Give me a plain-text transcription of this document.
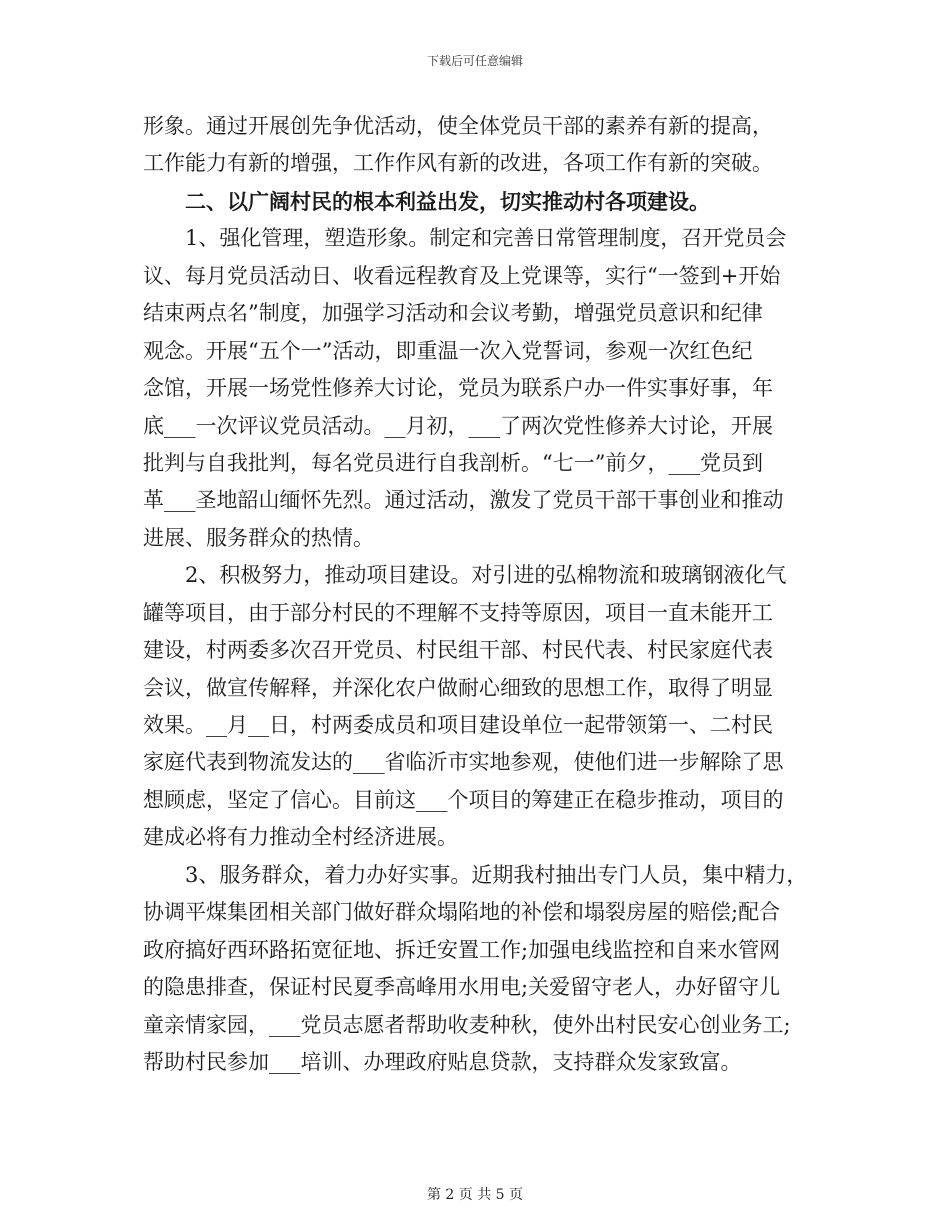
下载后可任意编辑
形象。通过开展创先争优活动，使全体党员干部的素养有新的提高，
工作能力有新的增强，工作作风有新的改进，各项工作有新的突破。
二、以广阔村民的根本利益出发，切实推动村各项建设。
1、强化管理，塑造形象。制定和完善日常管理制度，召开党员会
议、每月党员活动日、收看远程教育及上党课等，实行“一签到+开始
结束两点名”制度，加强学习活动和会议考勤，增强党员意识和纪律
观念。开展“五个一”活动，即重温一次入党誓词，参观一次红色纪
念馆，开展一场党性修养大讨论，党员为联系户办一件实事好事，年
底___一次评议党员活动。__月初，___了两次党性修养大讨论，开展
批判与自我批判，每名党员进行自我剖析。“七一”前夕，___党员到
革___圣地韶山缅怀先烈。通过活动，激发了党员干部干事创业和推动
进展、服务群众的热情。
2、积极努力，推动项目建设。对引进的弘棉物流和玻璃钢液化气
罐等项目，由于部分村民的不理解不支持等原因，项目一直未能开工
建设，村两委多次召开党员、村民组干部、村民代表、村民家庭代表
会议，做宣传解释，并深化农户做耐心细致的思想工作，取得了明显
效果。__月__日，村两委成员和项目建设单位一起带领第一、二村民
家庭代表到物流发达的___省临沂市实地参观，使他们进一步解除了思
想顾虑，坚定了信心。目前这___个项目的筹建正在稳步推动，项目的
建成必将有力推动全村经济进展。
3、服务群众，着力办好实事。近期我村抽出专门人员，集中精力，
协调平煤集团相关部门做好群众塌陷地的补偿和塌裂房屋的赔偿;配合
政府搞好西环路拓宽征地、拆迁安置工作;加强电线监控和自来水管网
的隐患排查，保证村民夏季高峰用水用电;关爱留守老人，办好留守儿
童亲情家园，___党员志愿者帮助收麦种秋，使外出村民安心创业务工;
帮助村民参加___培训、办理政府贴息贷款，支持群众发家致富。
第 2 页 共 5 页
